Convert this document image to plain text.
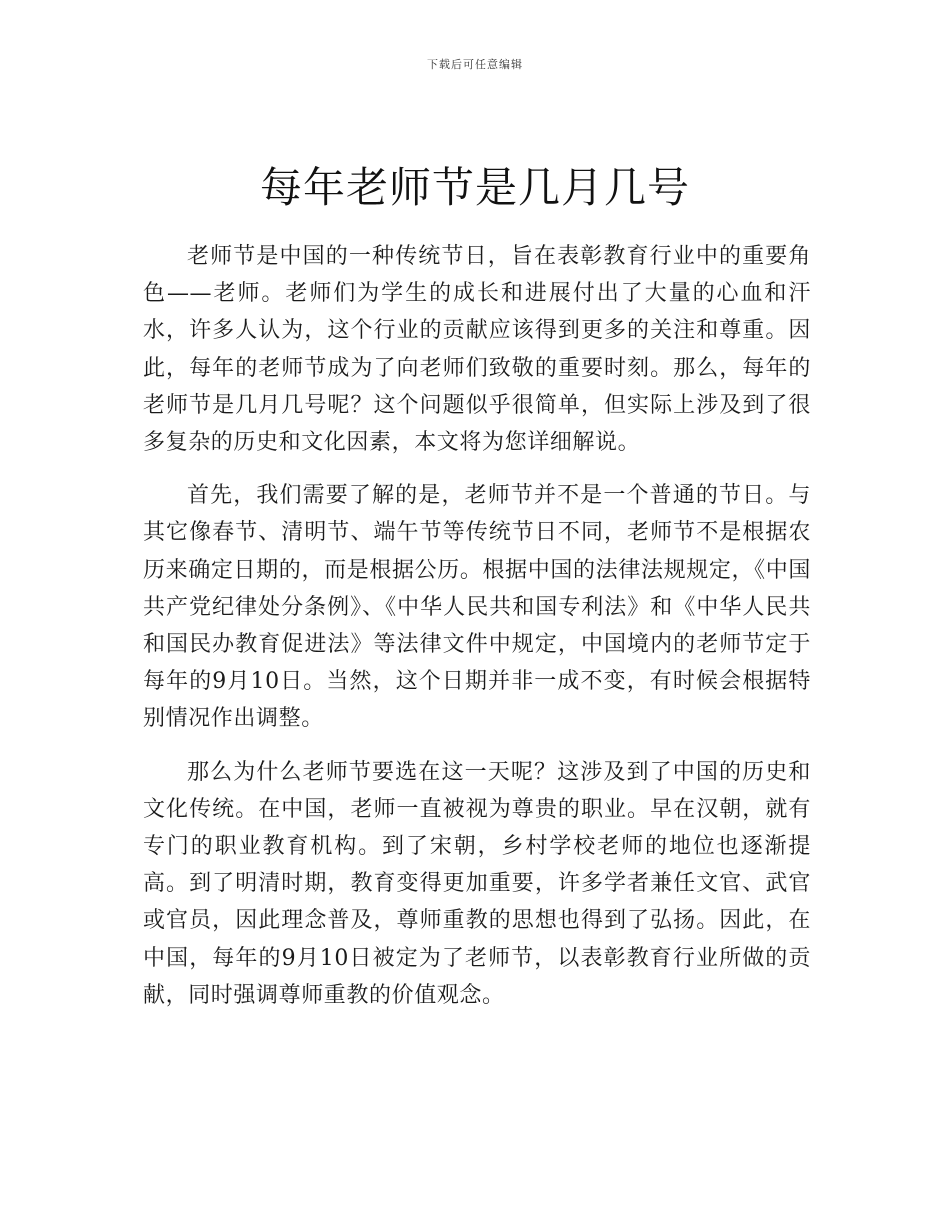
下载后可任意编辑
每年老师节是几月几号

老师节是中国的一种传统节日，旨在表彰教育行业中的重要角色——老师。老师们为学生的成长和进展付出了大量的心血和汗水，许多人认为，这个行业的贡献应该得到更多的关注和尊重。因此，每年的老师节成为了向老师们致敬的重要时刻。那么，每年的老师节是几月几号呢？这个问题似乎很简单，但实际上涉及到了很多复杂的历史和文化因素，本文将为您详细解说。

首先，我们需要了解的是，老师节并不是一个普通的节日。与其它像春节、清明节、端午节等传统节日不同，老师节不是根据农历来确定日期的，而是根据公历。根据中国的法律法规规定，《中国共产党纪律处分条例》、《中华人民共和国专利法》和《中华人民共和国民办教育促进法》等法律文件中规定，中国境内的老师节定于每年的9月10日。当然，这个日期并非一成不变，有时候会根据特别情况作出调整。

那么为什么老师节要选在这一天呢？这涉及到了中国的历史和文化传统。在中国，老师一直被视为尊贵的职业。早在汉朝，就有专门的职业教育机构。到了宋朝，乡村学校老师的地位也逐渐提高。到了明清时期，教育变得更加重要，许多学者兼任文官、武官或官员，因此理念普及，尊师重教的思想也得到了弘扬。因此，在中国，每年的9月10日被定为了老师节，以表彰教育行业所做的贡献，同时强调尊师重教的价值观念。
